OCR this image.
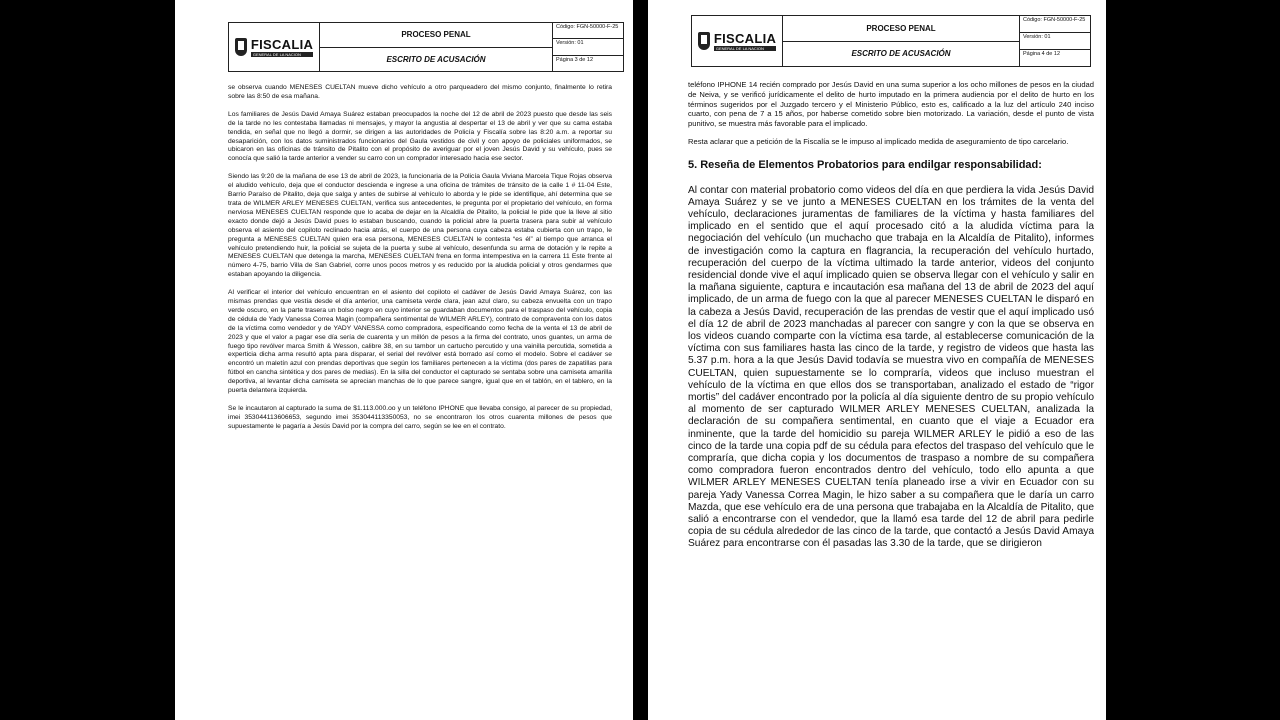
FISCALIA
GENERAL DE LA NACION
PROCESO PENAL
ESCRITO DE ACUSACIÓN
Código: FGN-50000-F-25
Versión: 01
Página 3 de 12

se observa cuando MENESES CUELTAN mueve dicho vehículo a otro parqueadero del mismo conjunto, finalmente lo retira sobre las 8:50 de esa mañana.

Los familiares de Jesús David Amaya Suárez estaban preocupados la noche del 12 de abril de 2023 puesto que desde las seis de la tarde no les contestaba llamadas ni mensajes, y mayor la angustia al despertar el 13 de abril y ver que su cama estaba tendida, en señal que no llegó a dormir, se dirigen a las autoridades de Policía y Fiscalía sobre las 8:20 a.m. a reportar su desaparición, con los datos suministrados funcionarios del Gaula vestidos de civil y con apoyo de policiales uniformados, se ubicaron en las oficinas de tránsito de Pitalito con el propósito de averiguar por el joven Jesús David y su vehículo, pues se conocía que salió la tarde anterior a vender su carro con un comprador interesado hacia ese sector.

Siendo las 9:20 de la mañana de ese 13 de abril de 2023, la funcionaria de la Policía Gaula Viviana Marcela Tique Rojas observa el aludido vehículo, deja que el conductor descienda e ingrese a una oficina de trámites de tránsito de la calle 1 # 11-04 Este, Barrio Paraíso de Pitalito, deja que salga y antes de subirse al vehículo lo aborda y le pide se identifique, ahí determina que se trata de WILMER ARLEY MENESES CUELTAN, verifica sus antecedentes, le pregunta por el propietario del vehículo, en forma nerviosa MENESES CUELTAN responde que lo acaba de dejar en la Alcaldía de Pitalito, la policial le pide que la lleve al sitio exacto donde dejó a Jesús David pues lo estaban buscando, cuando la policial abre la puerta trasera para subir al vehículo observa el asiento del copiloto reclinado hacia atrás, el cuerpo de una persona cuya cabeza estaba cubierta con un trapo, le pregunta a MENESES CUELTAN quien era esa persona, MENESES CUELTAN le contesta “es él” al tiempo que arranca el vehículo pretendiendo huir, la policial se sujeta de la puerta y sube al vehículo, desenfunda su arma de dotación y le repite a MENESES CUELTAN que detenga la marcha, MENESES CUELTAN frena en forma intempestiva en la carrera 11 Este frente al número 4-75, barrio Villa de San Gabriel, corre unos pocos metros y es reducido por la aludida policial y otros gendarmes que estaban apoyando la diligencia.

Al verificar el interior del vehículo encuentran en el asiento del copiloto el cadáver de Jesús David Amaya Suárez, con las mismas prendas que vestía desde el día anterior, una camiseta verde clara, jean azul claro, su cabeza envuelta con un trapo verde oscuro, en la parte trasera un bolso negro en cuyo interior se guardaban documentos para el traspaso del vehículo, copia de cédula de Yady Vanessa Correa Magin (compañera sentimental de WILMER ARLEY), contrato de compraventa con los datos de la víctima como vendedor y de YADY VANESSA como compradora, especificando como fecha de la venta el 13 de abril de 2023 y que el valor a pagar ese día sería de cuarenta y un millón de pesos a la firma del contrato, unos guantes, un arma de fuego tipo revólver marca Smith & Wesson, calibre 38, en su tambor un cartucho percutido y una vainilla percutida, sometida a experticia dicha arma resultó apta para disparar, el serial del revólver está borrado así como el modelo. Sobre el cadáver se encontró un maletín azul con prendas deportivas que según los familiares pertenecen a la víctima (dos pares de zapatillas para fútbol en cancha sintética y dos pares de medias). En la silla del conductor el capturado se sentaba sobre una camiseta amarilla deportiva, al levantar dicha camiseta se aprecian manchas de lo que parece sangre, igual que en el tablón, en el tablero, en la puerta delantera izquierda.

Se le incautaron al capturado la suma de $1.113.000.oo y un teléfono IPHONE que llevaba consigo, al parecer de su propiedad, imei 353044113606653, segundo imei 353044113350053, no se encontraron los otros cuarenta millones de pesos que supuestamente le pagaría a Jesús David por la compra del carro, según se lee en el contrato.

FISCALIA
GENERAL DE LA NACION
PROCESO PENAL
ESCRITO DE ACUSACIÓN
Código: FGN-50000-F-25
Versión: 01
Página 4 de 12

teléfono IPHONE 14 recién comprado por Jesús David en una suma superior a los ocho millones de pesos en la ciudad de Neiva, y se verificó jurídicamente el delito de hurto imputado en la primera audiencia por el delito de hurto en los términos sugeridos por el Juzgado tercero y el Ministerio Público, esto es, calificado a la luz del artículo 240 inciso cuarto, con pena de 7 a 15 años, por haberse cometido sobre bien motorizado. La variación, desde el punto de vista punitivo, se muestra más favorable para el implicado.

Resta aclarar que a petición de la Fiscalía se le impuso al implicado medida de aseguramiento de tipo carcelario.

5. Reseña de Elementos Probatorios para endilgar responsabilidad:

Al contar con material probatorio como videos del día en que perdiera la vida Jesús David Amaya Suárez y se ve junto a MENESES CUELTAN en los trámites de la venta del vehículo, declaraciones juramentas de familiares de la víctima y hasta familiares del implicado en el sentido que el aquí procesado citó a la aludida víctima para la negociación del vehículo (un muchacho que trabaja en la Alcaldía de Pitalito), informes de investigación como la captura en flagrancia, la recuperación del vehículo hurtado, recuperación del cuerpo de la víctima ultimado la tarde anterior, videos del conjunto residencial donde vive el aquí implicado quien se observa llegar con el vehículo y salir en la mañana siguiente, captura e incautación esa mañana del 13 de abril de 2023 del aquí implicado, de un arma de fuego con la que al parecer MENESES CUELTAN le disparó en la cabeza a Jesús David, recuperación de las prendas de vestir que el aquí implicado usó el día 12 de abril de 2023 manchadas al parecer con sangre y con la que se observa en los videos cuando comparte con la víctima esa tarde, al establecerse comunicación de la víctima con sus familiares hasta las cinco de la tarde, y registro de videos que hasta las 5.37 p.m. hora a la que Jesús David todavía se muestra vivo en compañía de MENESES CUELTAN, quien supuestamente se lo compraría, videos que incluso muestran el vehículo de la víctima en que ellos dos se transportaban, analizado el estado de “rigor mortis” del cadáver encontrado por la policía al día siguiente dentro de su propio vehículo al momento de ser capturado WILMER ARLEY MENESES CUELTAN, analizada la declaración de su compañera sentimental, en cuanto que el viaje a Ecuador era inminente, que la tarde del homicidio su pareja WILMER ARLEY le pidió a eso de las cinco de la tarde una copia pdf de su cédula para efectos del traspaso del vehículo que le compraría, que dicha copia y los documentos de traspaso a nombre de su compañera como compradora fueron encontrados dentro del vehículo, todo ello apunta a que WILMER ARLEY MENESES CUELTAN tenía planeado irse a vivir en Ecuador con su pareja Yady Vanessa Correa Magin, le hizo saber a su compañera que le daría un carro Mazda, que ese vehículo era de una persona que trabajaba en la Alcaldía de Pitalito, que salió a encontrarse con el vendedor, que la llamó esa tarde del 12 de abril para pedirle copia de su cédula alrededor de las cinco de la tarde, que contactó a Jesús David Amaya Suárez para encontrarse con él pasadas las 3.30 de la tarde, que se dirigieron
